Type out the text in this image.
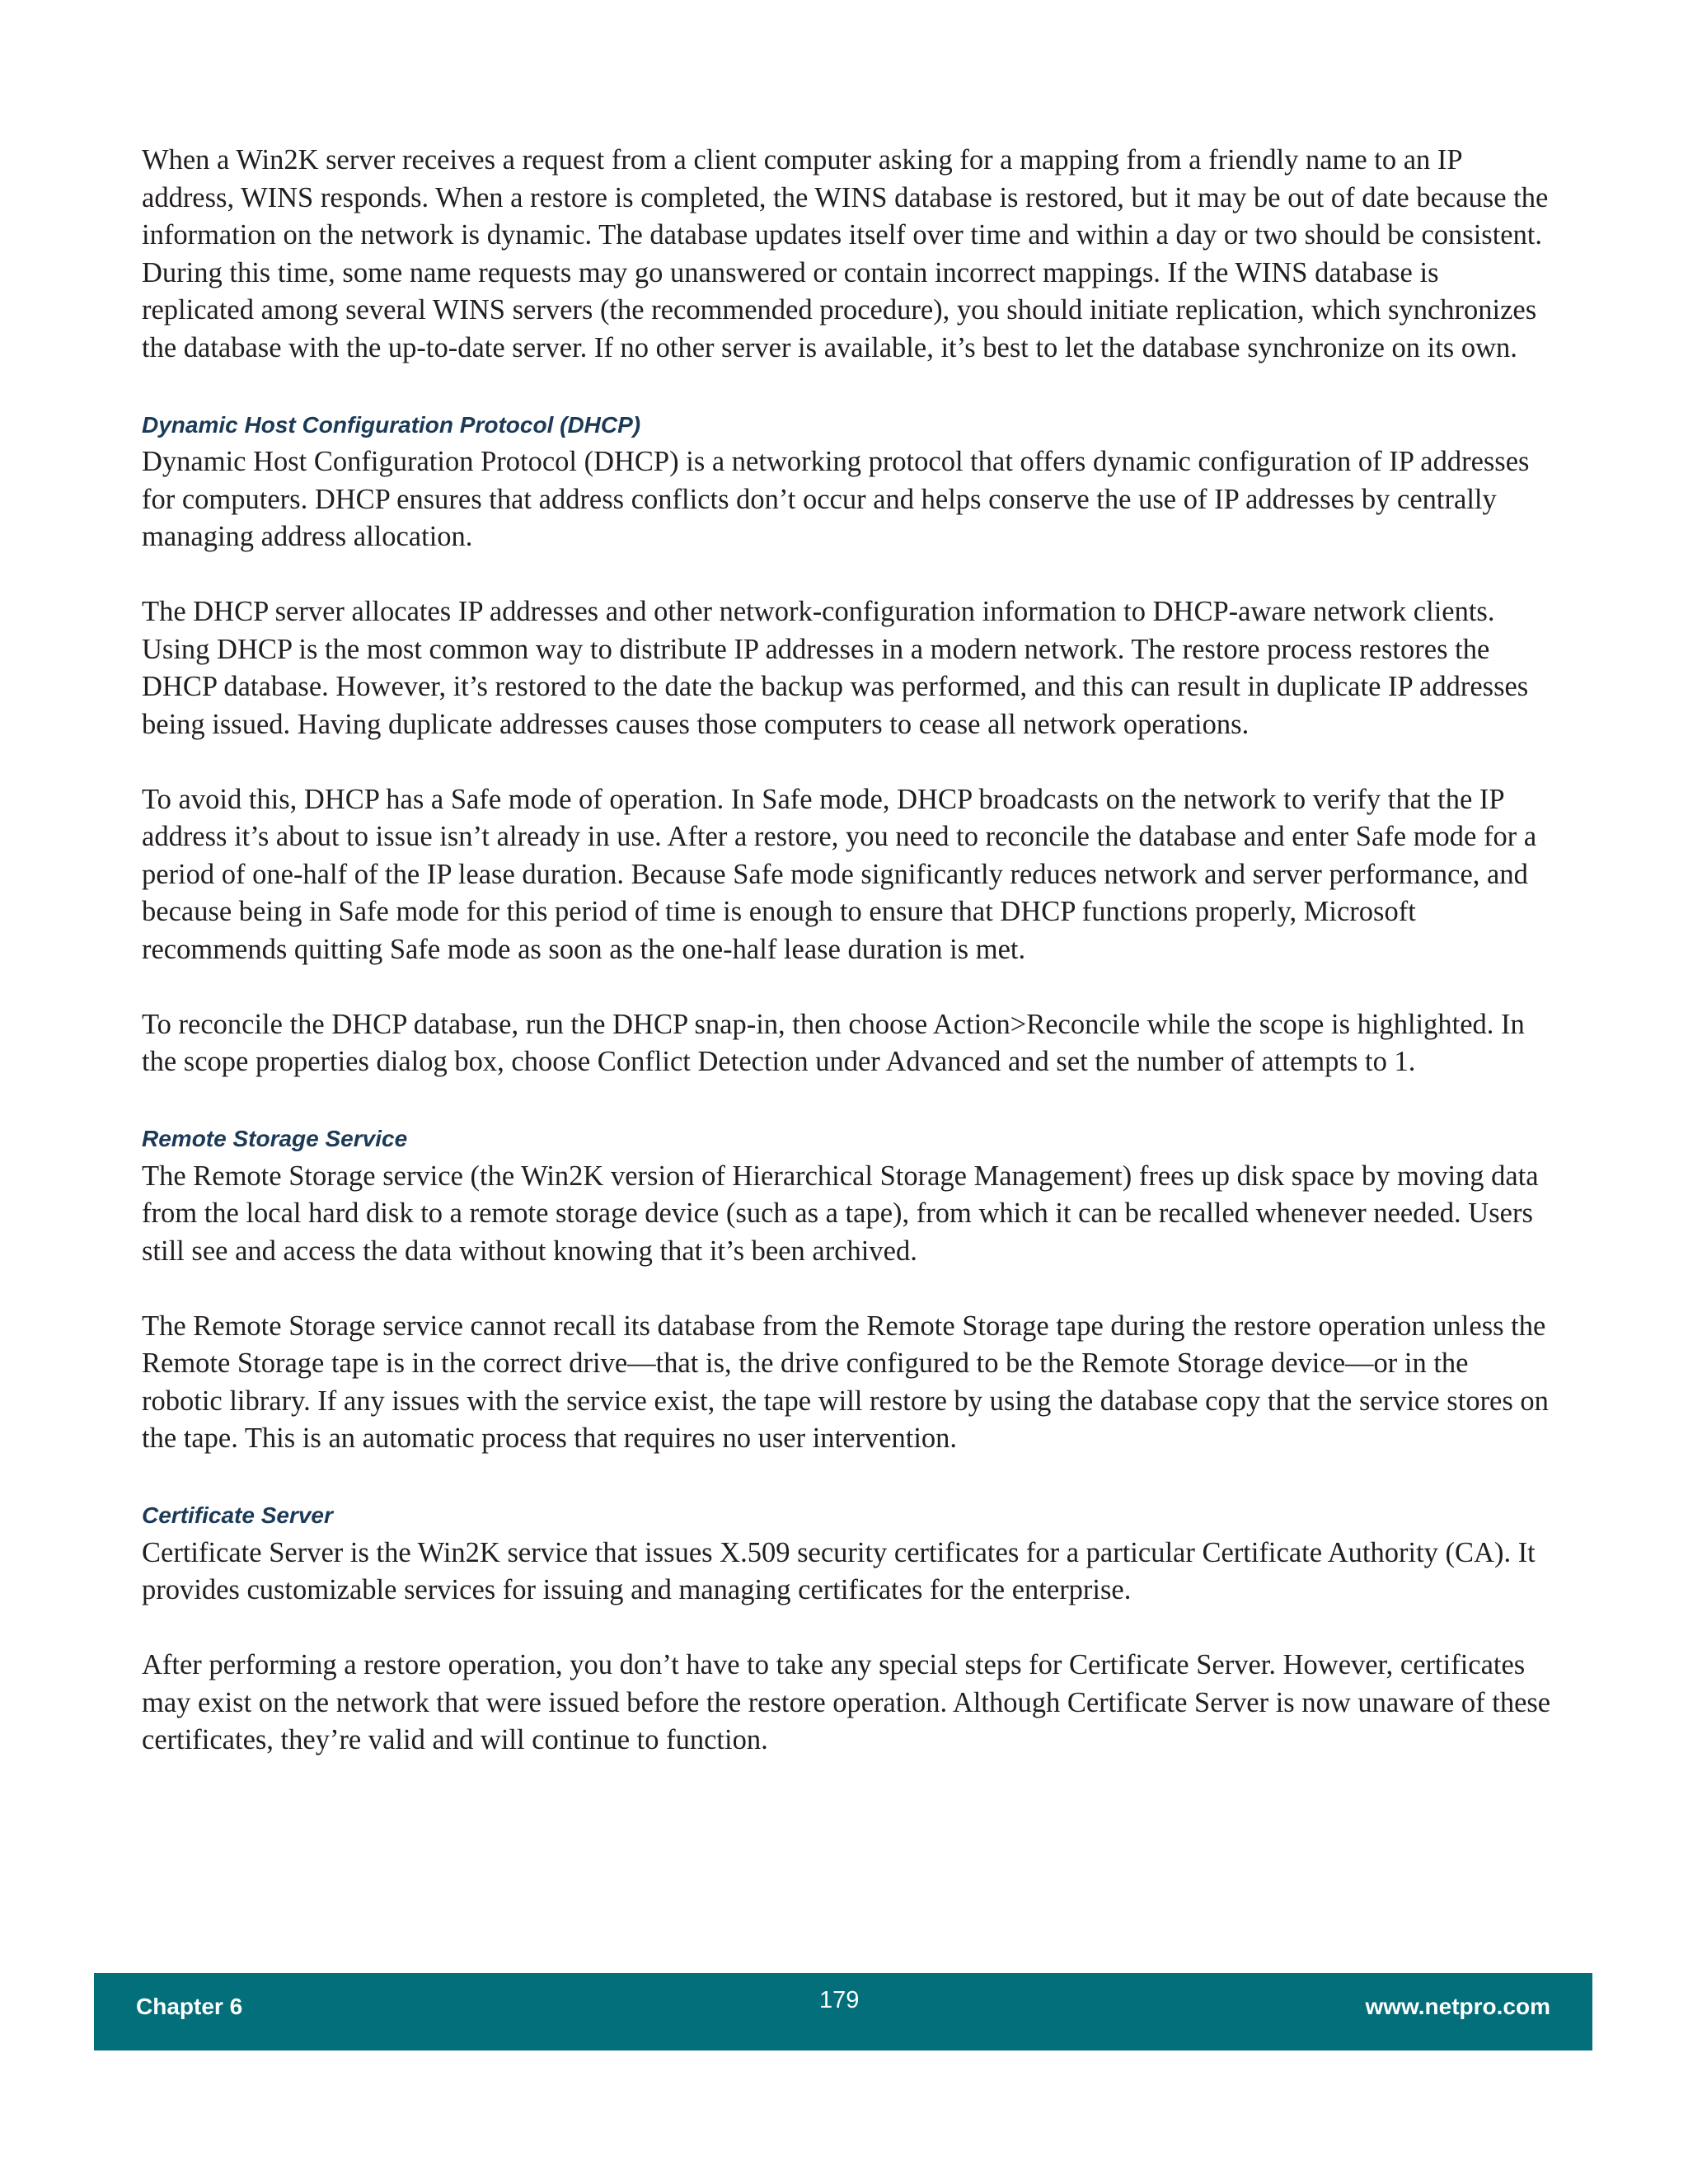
When a Win2K server receives a request from a client computer asking for a mapping from a friendly name to an IP address, WINS responds. When a restore is completed, the WINS database is restored, but it may be out of date because the information on the network is dynamic. The database updates itself over time and within a day or two should be consistent. During this time, some name requests may go unanswered or contain incorrect mappings. If the WINS database is replicated among several WINS servers (the recommended procedure), you should initiate replication, which synchronizes the database with the up-to-date server. If no other server is available, it’s best to let the database synchronize on its own.

Dynamic Host Configuration Protocol (DHCP)

Dynamic Host Configuration Protocol (DHCP) is a networking protocol that offers dynamic configuration of IP addresses for computers. DHCP ensures that address conflicts don’t occur and helps conserve the use of IP addresses by centrally managing address allocation.

The DHCP server allocates IP addresses and other network-configuration information to DHCP-aware network clients. Using DHCP is the most common way to distribute IP addresses in a modern network. The restore process restores the DHCP database. However, it’s restored to the date the backup was performed, and this can result in duplicate IP addresses being issued. Having duplicate addresses causes those computers to cease all network operations.

To avoid this, DHCP has a Safe mode of operation. In Safe mode, DHCP broadcasts on the network to verify that the IP address it’s about to issue isn’t already in use. After a restore, you need to reconcile the database and enter Safe mode for a period of one-half of the IP lease duration. Because Safe mode significantly reduces network and server performance, and because being in Safe mode for this period of time is enough to ensure that DHCP functions properly, Microsoft recommends quitting Safe mode as soon as the one-half lease duration is met.

To reconcile the DHCP database, run the DHCP snap-in, then choose Action>Reconcile while the scope is highlighted. In the scope properties dialog box, choose Conflict Detection under Advanced and set the number of attempts to 1.

Remote Storage Service

The Remote Storage service (the Win2K version of Hierarchical Storage Management) frees up disk space by moving data from the local hard disk to a remote storage device (such as a tape), from which it can be recalled whenever needed. Users still see and access the data without knowing that it’s been archived.

The Remote Storage service cannot recall its database from the Remote Storage tape during the restore operation unless the Remote Storage tape is in the correct drive—that is, the drive configured to be the Remote Storage device—or in the robotic library. If any issues with the service exist, the tape will restore by using the database copy that the service stores on the tape. This is an automatic process that requires no user intervention.

Certificate Server

Certificate Server is the Win2K service that issues X.509 security certificates for a particular Certificate Authority (CA). It provides customizable services for issuing and managing certificates for the enterprise.

After performing a restore operation, you don’t have to take any special steps for Certificate Server. However, certificates may exist on the network that were issued before the restore operation. Although Certificate Server is now unaware of these certificates, they’re valid and will continue to function.

Chapter 6	179	www.netpro.com
